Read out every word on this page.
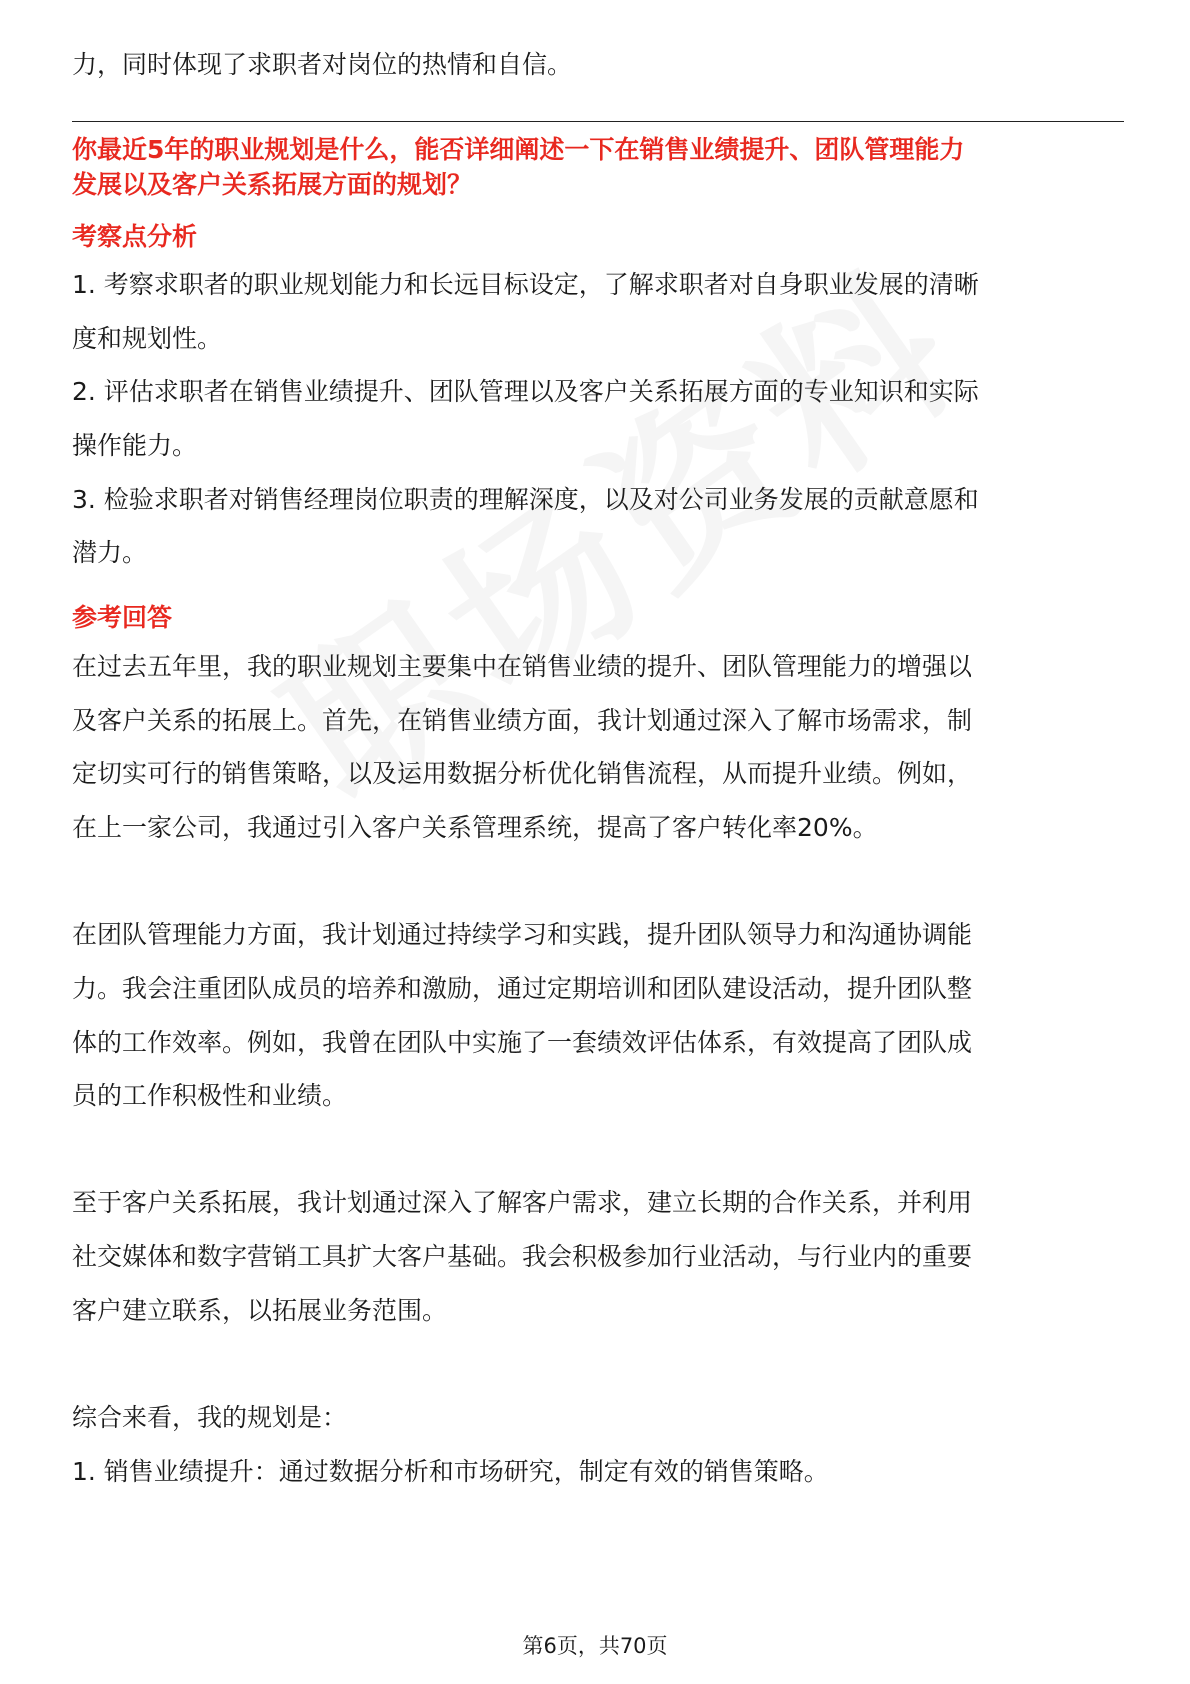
力，同时体现了求职者对岗位的热情和自信。
你最近5年的职业规划是什么，能否详细阐述一下在销售业绩提升、团队管理能力
发展以及客户关系拓展方面的规划？
考察点分析
1. 考察求职者的职业规划能力和长远目标设定，了解求职者对自身职业发展的清晰
度和规划性。
2. 评估求职者在销售业绩提升、团队管理以及客户关系拓展方面的专业知识和实际
操作能力。
3. 检验求职者对销售经理岗位职责的理解深度，以及对公司业务发展的贡献意愿和
潜力。
参考回答
在过去五年里，我的职业规划主要集中在销售业绩的提升、团队管理能力的增强以
及客户关系的拓展上。首先，在销售业绩方面，我计划通过深入了解市场需求，制
定切实可行的销售策略，以及运用数据分析优化销售流程，从而提升业绩。例如，
在上一家公司，我通过引入客户关系管理系统，提高了客户转化率20%。
在团队管理能力方面，我计划通过持续学习和实践，提升团队领导力和沟通协调能
力。我会注重团队成员的培养和激励，通过定期培训和团队建设活动，提升团队整
体的工作效率。例如，我曾在团队中实施了一套绩效评估体系，有效提高了团队成
员的工作积极性和业绩。
至于客户关系拓展，我计划通过深入了解客户需求，建立长期的合作关系，并利用
社交媒体和数字营销工具扩大客户基础。我会积极参加行业活动，与行业内的重要
客户建立联系，以拓展业务范围。
综合来看，我的规划是：
1. 销售业绩提升：通过数据分析和市场研究，制定有效的销售策略。
第6页，共70页
